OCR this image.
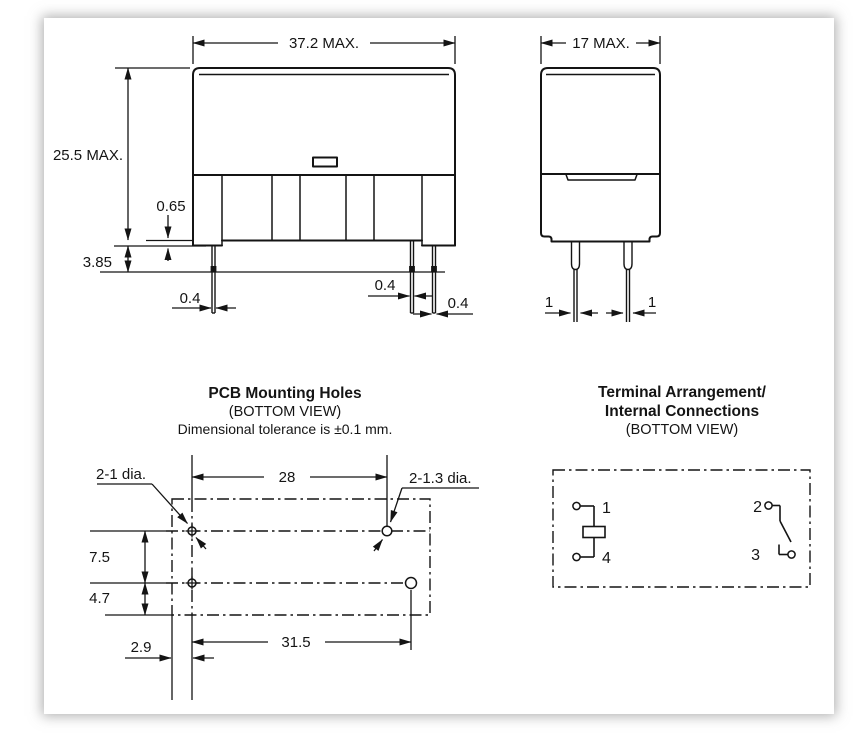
37.2 MAX.
25.5 MAX.
0.65
3.85
0.4
0.4
0.4
17 MAX.
1	1
PCB Mounting Holes
(BOTTOM VIEW)
Dimensional tolerance is ±0.1 mm.
28
2-1 dia.	2-1.3 dia.
7.5
4.7
31.5
2.9
Terminal Arrangement/
Internal Connections
(BOTTOM VIEW)
1
4
2
3
